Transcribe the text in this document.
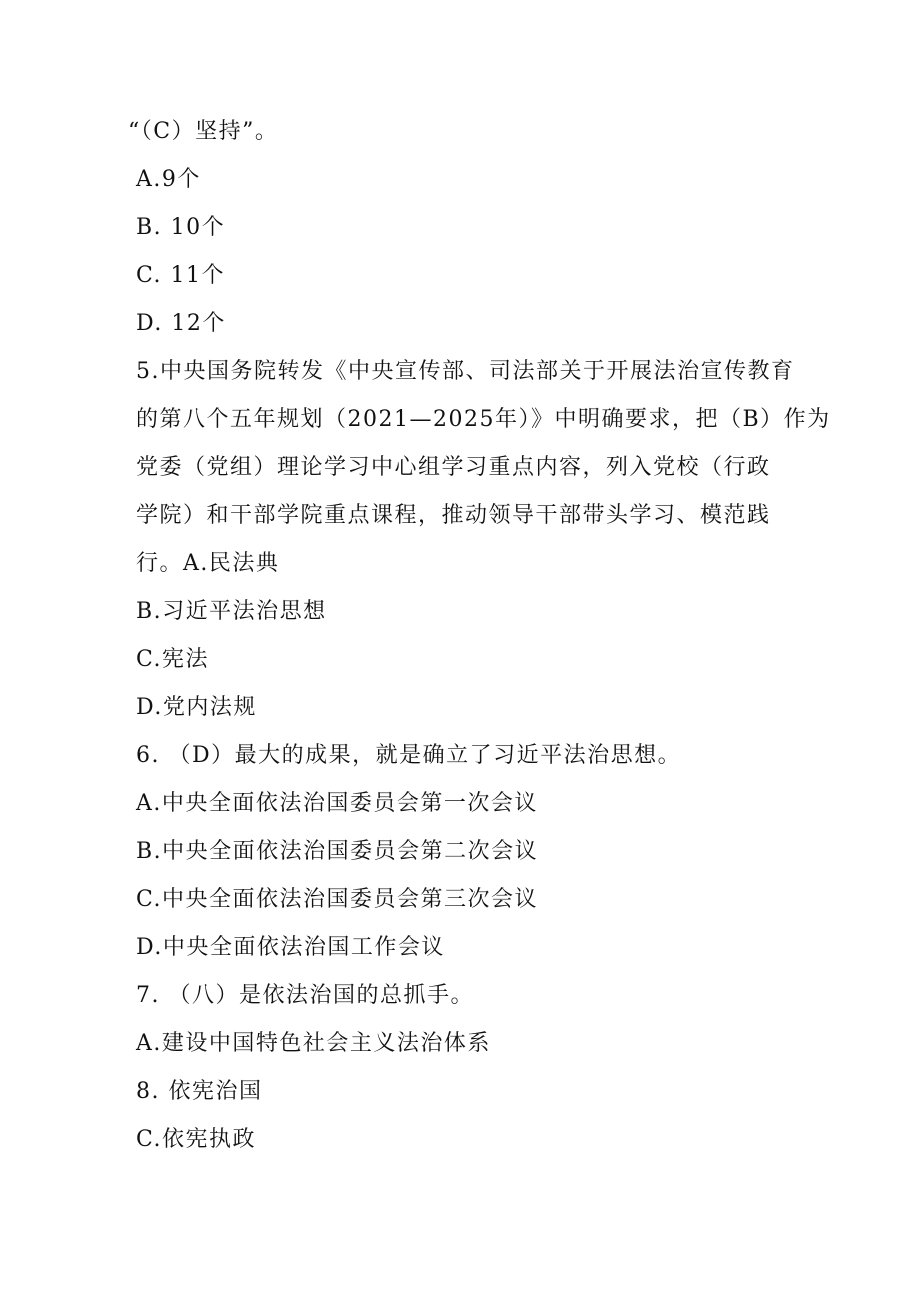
“（C）坚持”。
A.9个
B. 10个
C. 11个
D. 12个
5.中央国务院转发《中央宣传部、司法部关于开展法治宣传教育
的第八个五年规划（2021—2025年）》中明确要求，把（B）作为
党委（党组）理论学习中心组学习重点内容，列入党校（行政
学院）和干部学院重点课程，推动领导干部带头学习、模范践
行。A.民法典
B.习近平法治思想
C.宪法
D.党内法规
6. （D）最大的成果，就是确立了习近平法治思想。
A.中央全面依法治国委员会第一次会议
B.中央全面依法治国委员会第二次会议
C.中央全面依法治国委员会第三次会议
D.中央全面依法治国工作会议
7. （八）是依法治国的总抓手。
A.建设中国特色社会主义法治体系
8. 依宪治国
C.依宪执政
